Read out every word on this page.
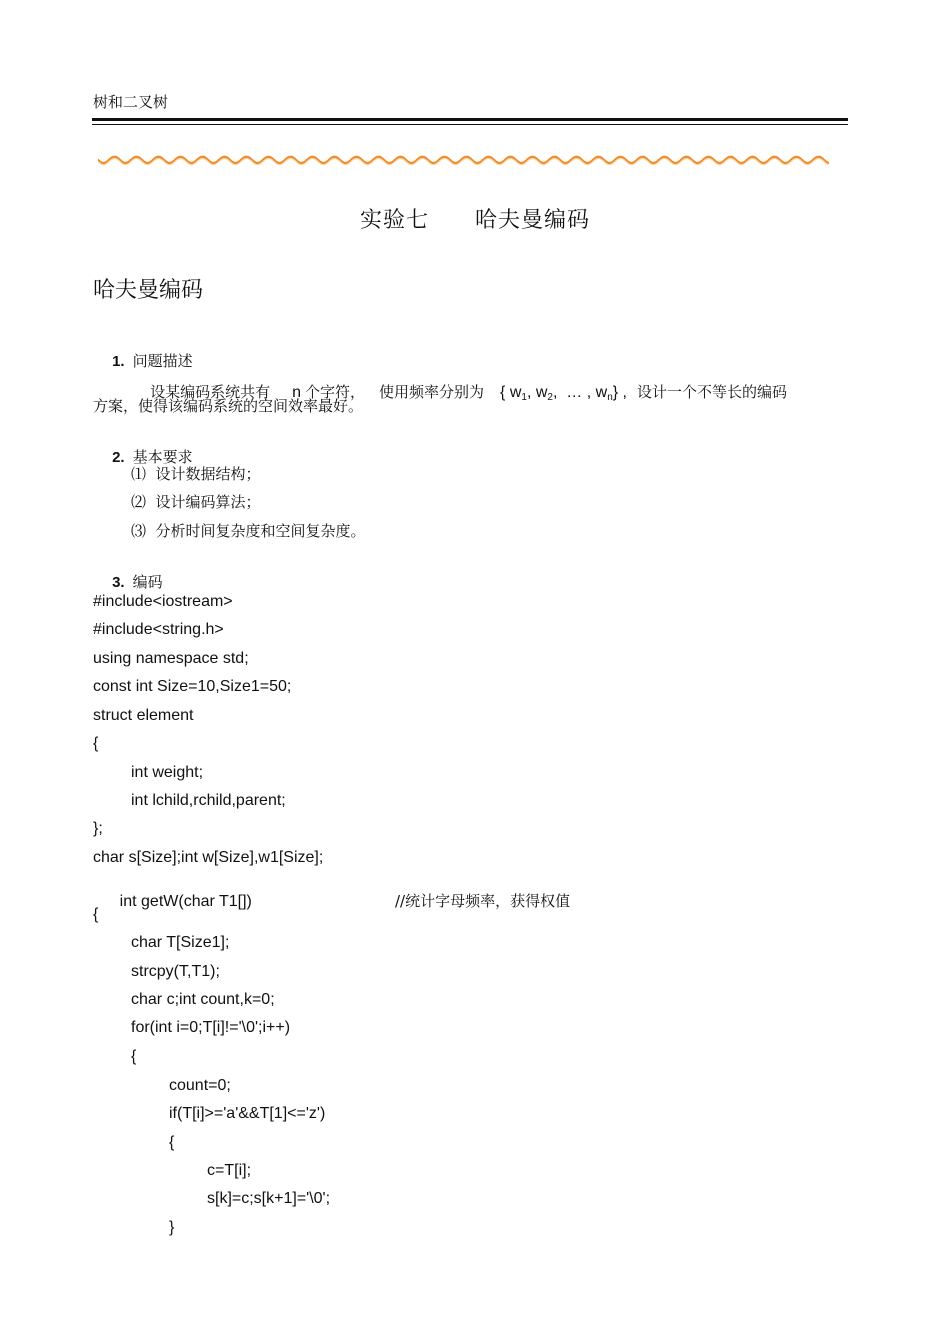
树和二叉树
实验七 哈夫曼编码
哈夫曼编码

1. 问题描述

设某编码系统共有 n 个字符， 使用频率分别为 { $w_1$, $w_2$,  … , $w_n$} , 设计一个不等长的编码

方案，使得该编码系统的空间效率最好。

2. 基本要求

⑴  设计数据结构；
⑵  设计编码算法；
⑶  分析时间复杂度和空间复杂度。

3. 编码

#include<iostream>
#include<string.h>
using namespace std;
const int Size=10,Size1=50;
struct element
{
int weight;
int lchild,rchild,parent;
};
char s[Size];int w[Size],w1[Size];

int getW(char T1[])	//统计字母频率，获得权值

{
char T[Size1];
strcpy(T,T1);
char c;int count,k=0;
for(int i=0;T[i]!='\0';i++)
{
count=0;
if(T[i]>='a'&&T[1]<='z')
{
c=T[i];
s[k]=c;s[k+1]='\0';
}
